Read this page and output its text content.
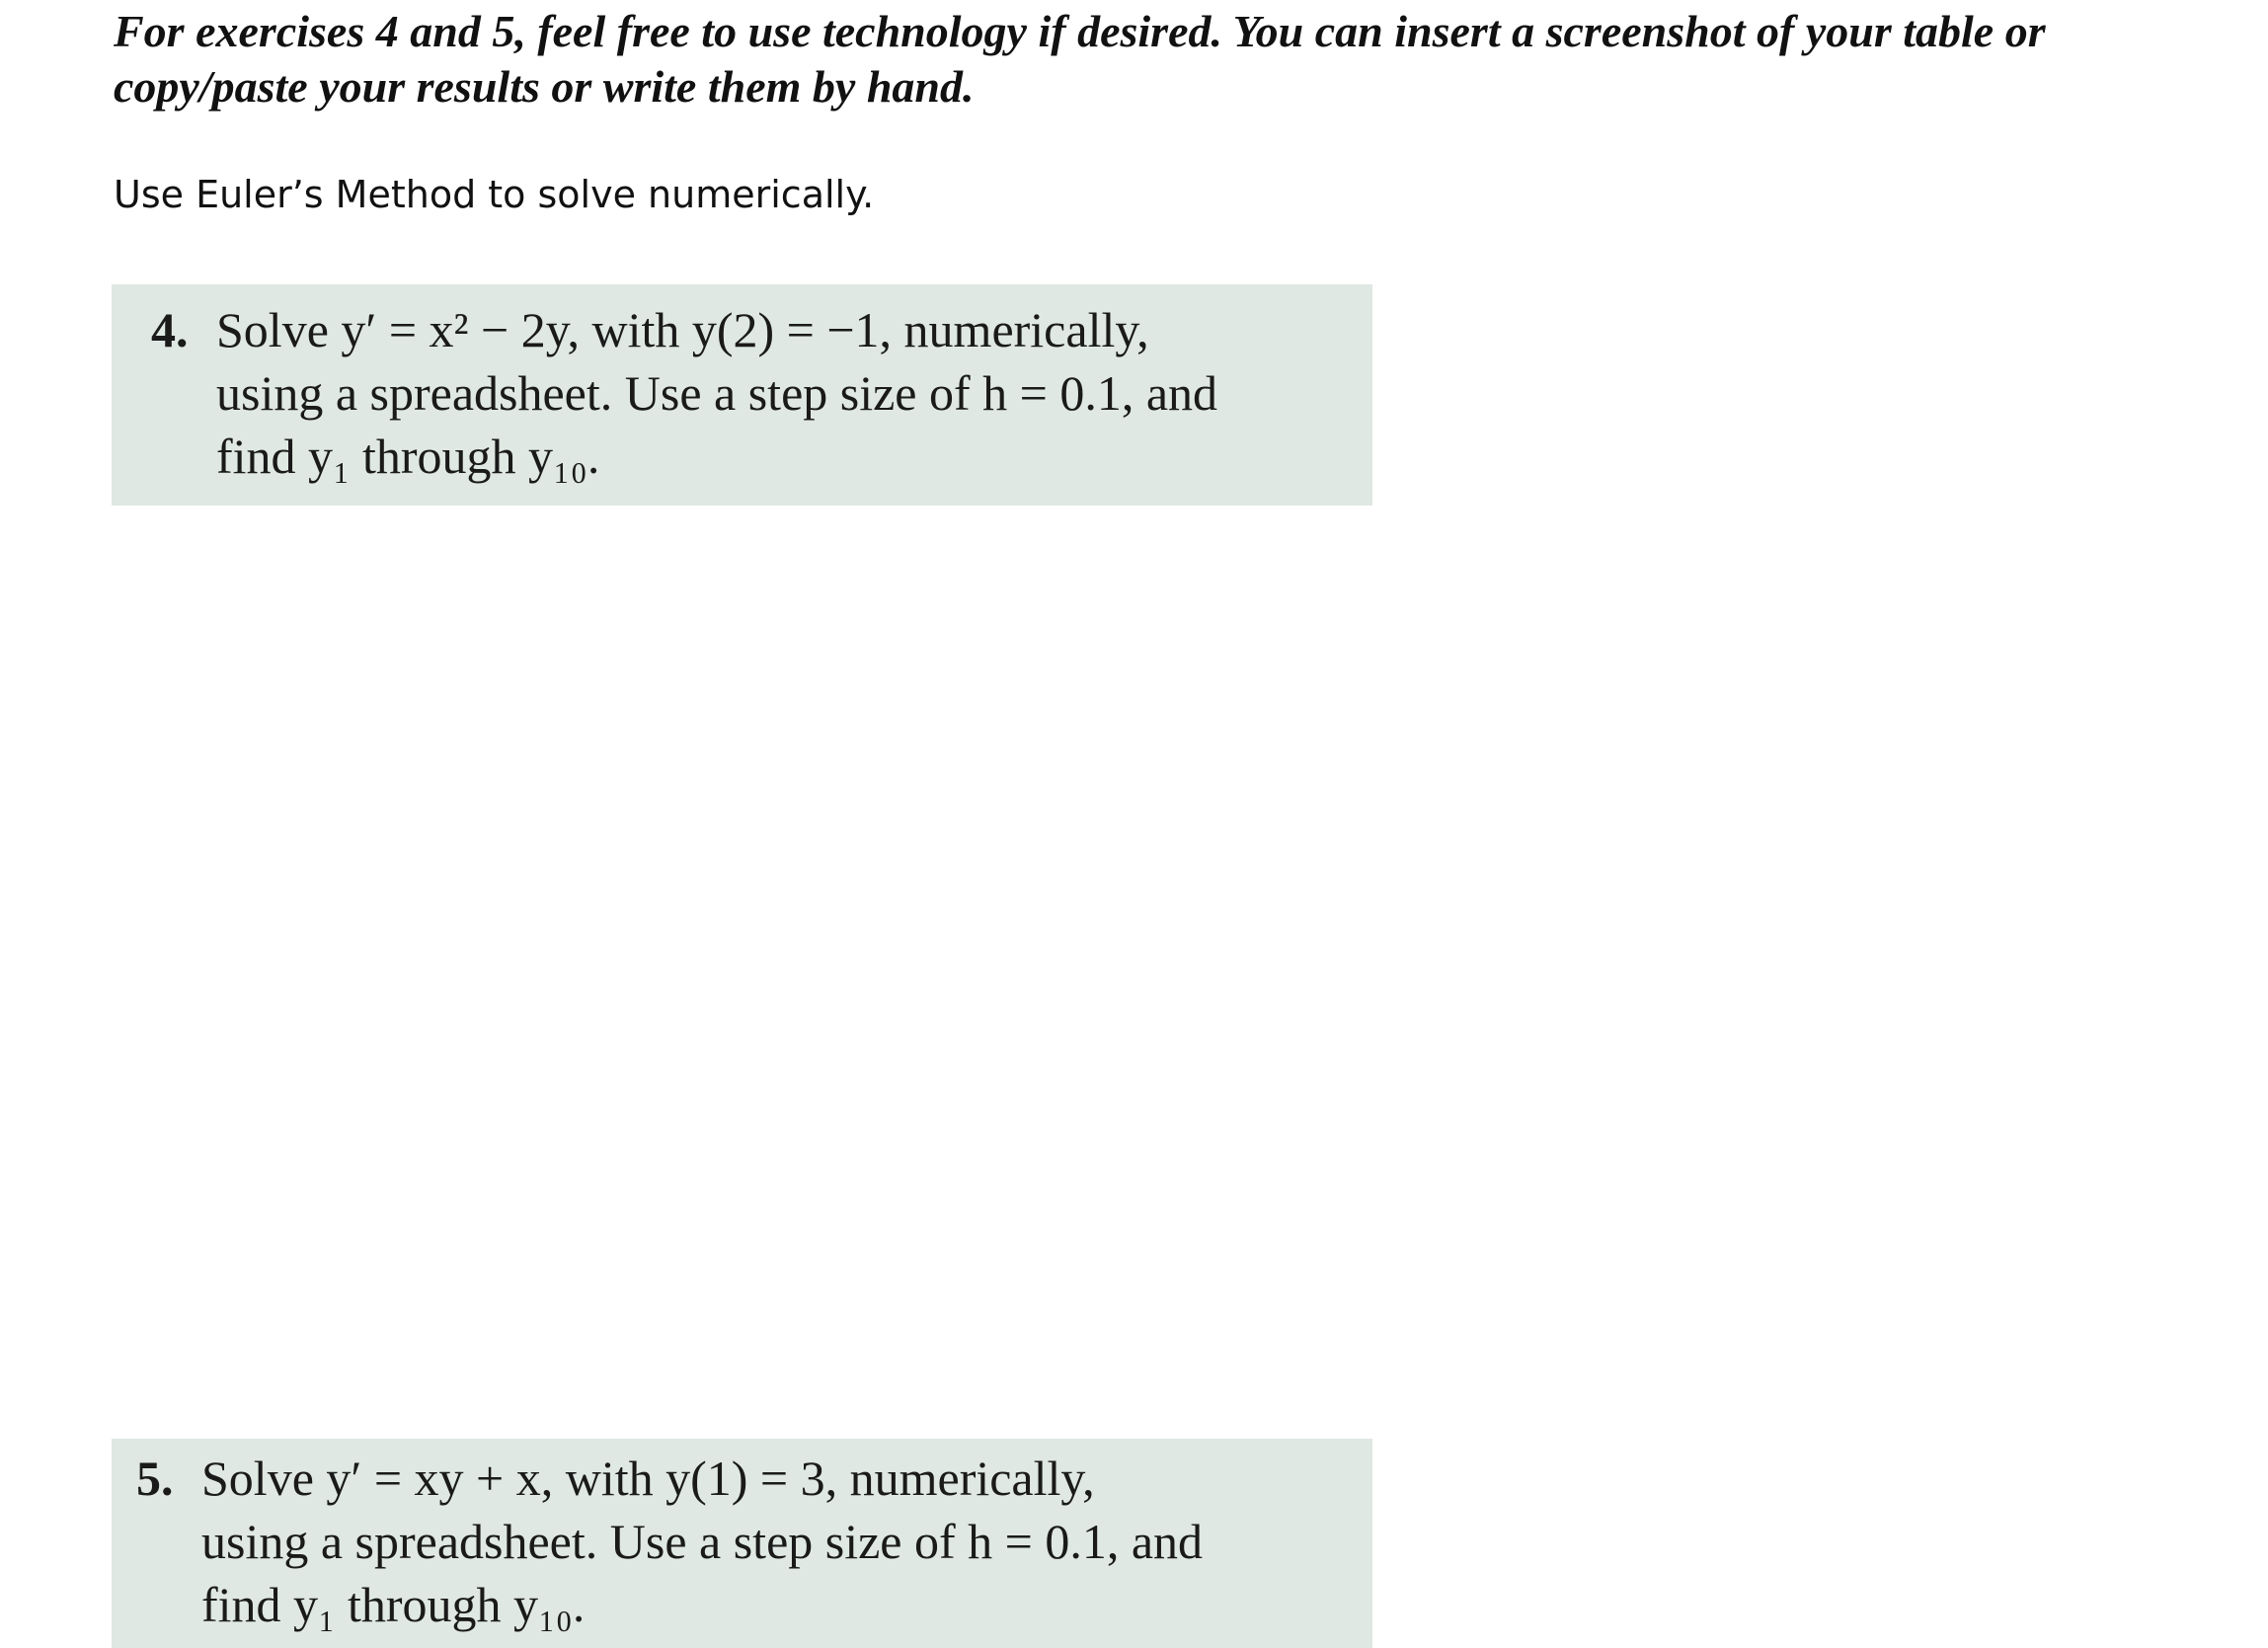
For exercises 4 and 5, feel free to use technology if desired. You can insert a screenshot of your table or copy/paste your results or write them by hand.

Use Euler’s Method to solve numerically.

4. Solve y′ = x² − 2y, with y(2) = −1, numerically,
using a spreadsheet. Use a step size of h = 0.1, and
find y₁ through y₁₀.
5. Solve y′ = xy + x, with y(1) = 3, numerically,
using a spreadsheet. Use a step size of h = 0.1, and
find y₁ through y₁₀.
